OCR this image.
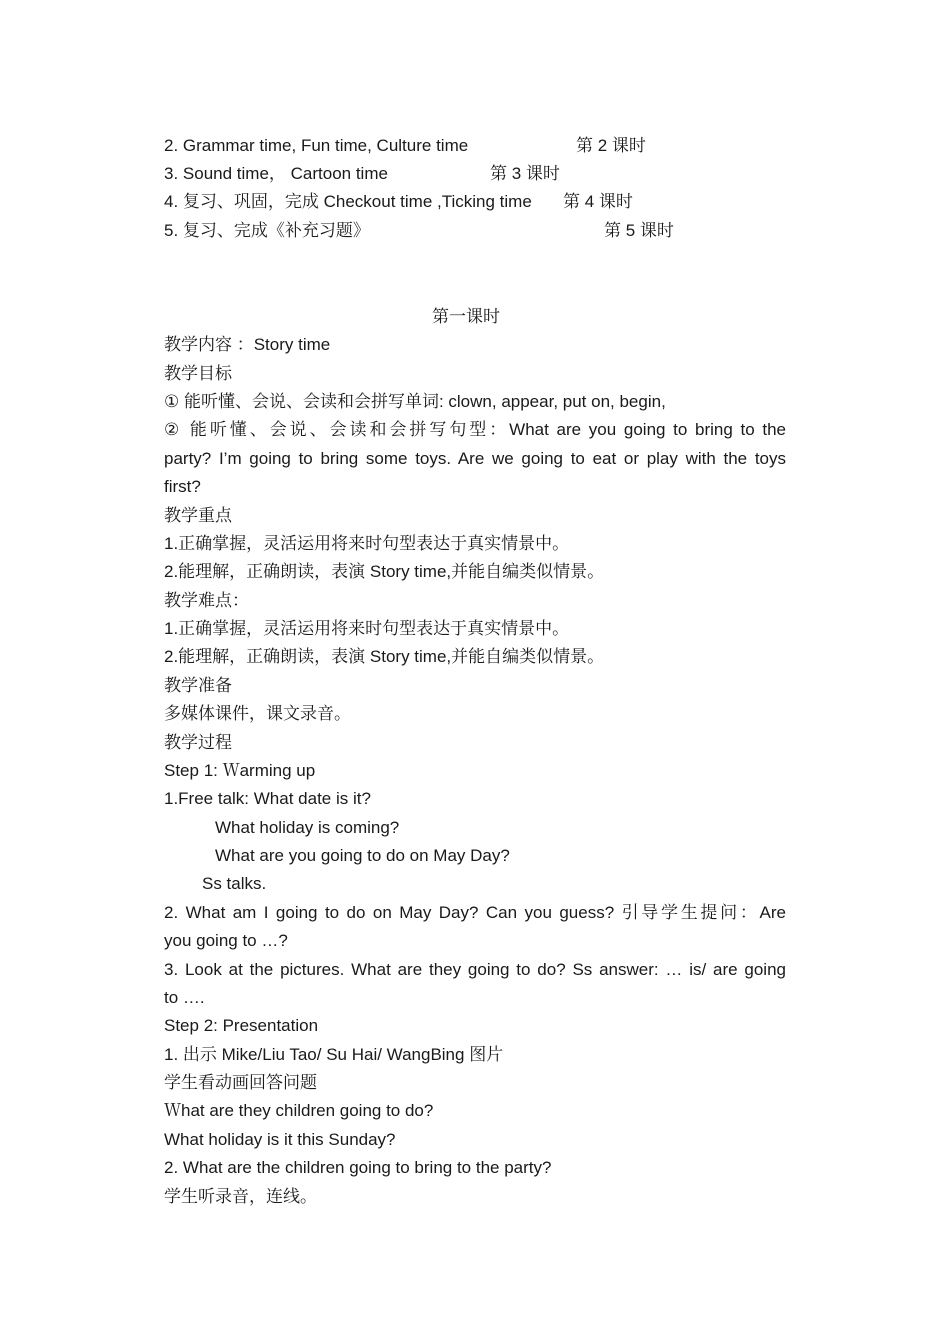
2. Grammar time, Fun time, Culture time	第 2 课时
3. Sound time， Cartoon time	第 3 课时
4. 复习、巩固，完成 Checkout time ,Ticking time 第 4 课时
5. 复习、完成《补充习题》	第 5 课时
第一课时
教学内容 ：Story time
教学目标
① 能听懂、会说、会读和会拼写单词: clown, appear, put on, begin,
② 能听懂、会说、会读和会拼写句型：What are you going to bring to the
party? I’m going to bring some toys. Are we going to eat or play with the toys
first?
教学重点
1.正确掌握，灵活运用将来时句型表达于真实情景中。
2.能理解，正确朗读，表演 Story time,并能自编类似情景。
教学难点：
1.正确掌握，灵活运用将来时句型表达于真实情景中。
2.能理解，正确朗读，表演 Story time,并能自编类似情景。
教学准备
多媒体课件，课文录音。
教学过程
Step 1: Ｗarming up
1.Free talk: What date is it?
What holiday is coming?
What are you going to do on May Day?
Ss talks.
2. What am I going to do on May Day? Can you guess? 引导学生提问：Are
you going to …?
3. Look at the pictures. What are they going to do? Ss answer: … is/ are going
to ….
Step 2: Presentation
1. 出示 Mike/Liu Tao/ Su Hai/ WangBing 图片
学生看动画回答问题
Ｗhat are they children going to do?
What holiday is it this Sunday?
2. What are the children going to bring to the party?
学生听录音，连线。
